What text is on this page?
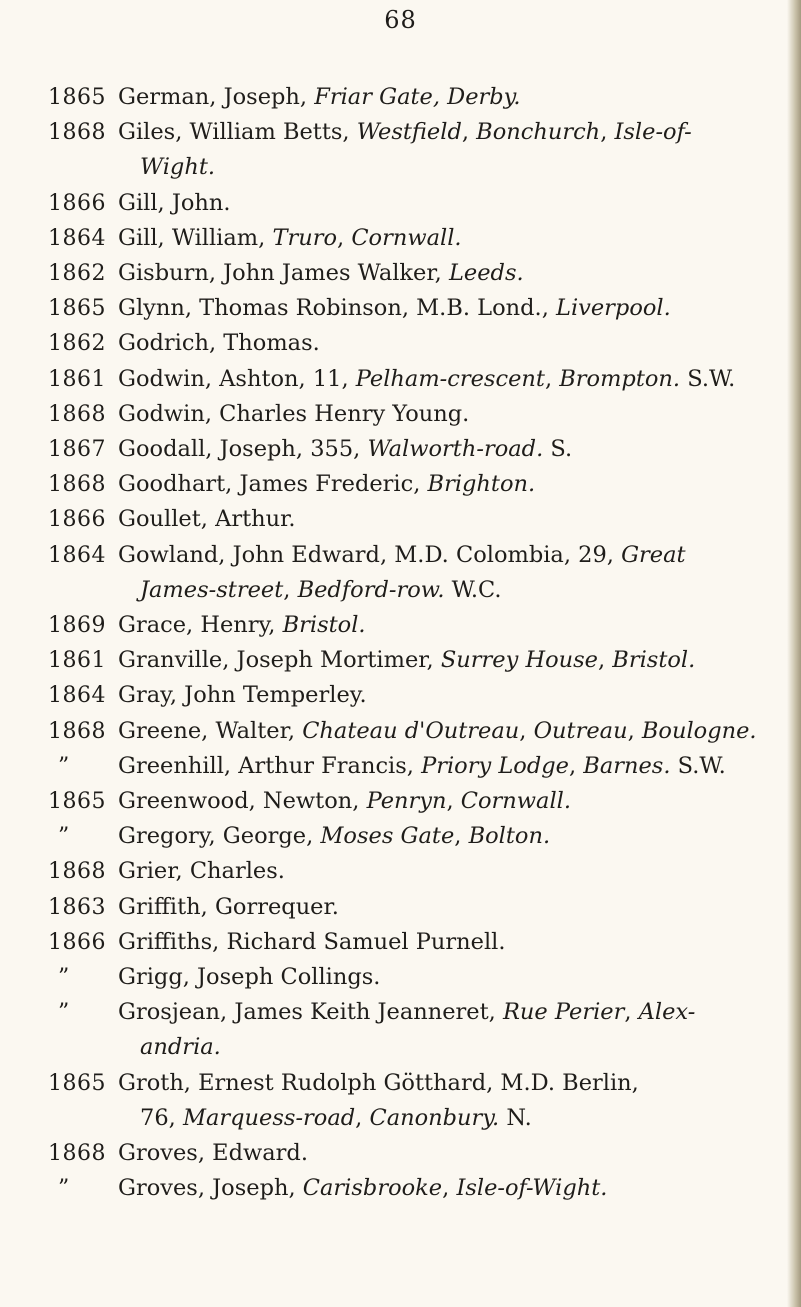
68
1865 German, Joseph, Friar Gate, Derby.
1868 Giles, William Betts, Westfield, Bonchurch, Isle-of-
Wight.
1866 Gill, John.
1864 Gill, William, Truro, Cornwall.
1862 Gisburn, John James Walker, Leeds.
1865 Glynn, Thomas Robinson, M.B. Lond., Liverpool.
1862 Godrich, Thomas.
1861 Godwin, Ashton, 11, Pelham-crescent, Brompton. S.W.
1868 Godwin, Charles Henry Young.
1867 Goodall, Joseph, 355, Walworth-road. S.
1868 Goodhart, James Frederic, Brighton.
1866 Goullet, Arthur.
1864 Gowland, John Edward, M.D. Colombia, 29, Great
James-street, Bedford-row. W.C.
1869 Grace, Henry, Bristol.
1861 Granville, Joseph Mortimer, Surrey House, Bristol.
1864 Gray, John Temperley.
1868 Greene, Walter, Chateau d'Outreau, Outreau, Boulogne.
”	Greenhill, Arthur Francis, Priory Lodge, Barnes. S.W.
1865 Greenwood, Newton, Penryn, Cornwall.
”	Gregory, George, Moses Gate, Bolton.
1868 Grier, Charles.
1863 Griffith, Gorrequer.
1866 Griffiths, Richard Samuel Purnell.
”	Grigg, Joseph Collings.
”	Grosjean, James Keith Jeanneret, Rue Perier, Alex-
andria.
1865 Groth, Ernest Rudolph Götthard, M.D. Berlin,
76, Marquess-road, Canonbury. N.
1868 Groves, Edward.
”	Groves, Joseph, Carisbrooke, Isle-of-Wight.
